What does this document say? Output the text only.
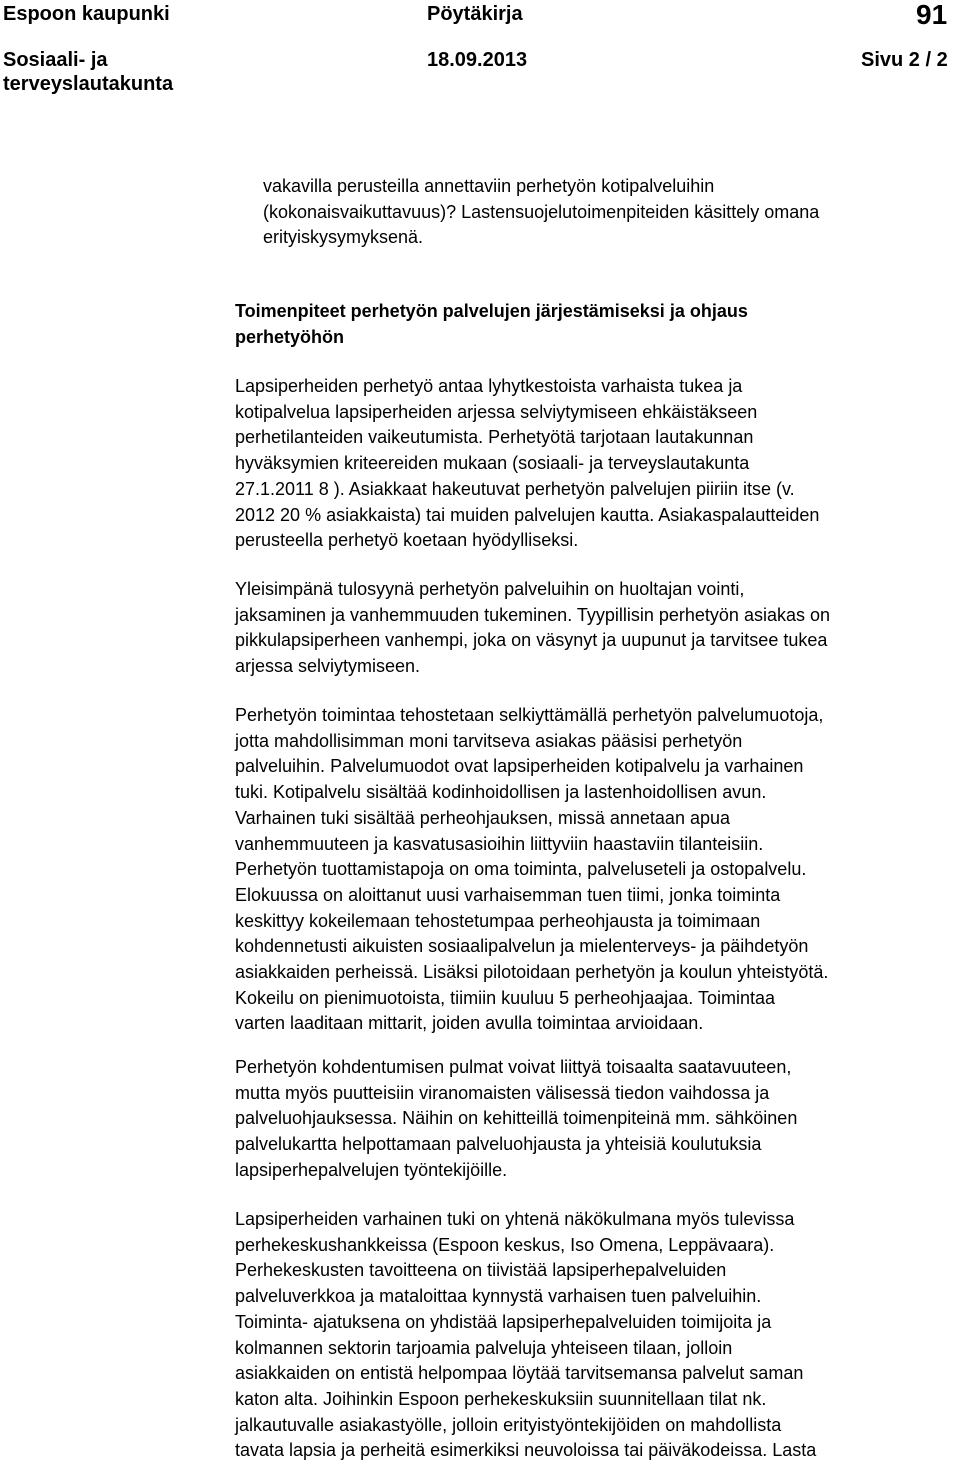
Espoon kaupunki	Pöytäkirja	91
Sosiaali- ja
terveyslautakunta
18.09.2013	Sivu 2 / 2
vakavilla perusteilla annettaviin perhetyön kotipalveluihin
(kokonaisvaikuttavuus)? Lastensuojelutoimenpiteiden käsittely omana
erityiskysymyksenä.
Toimenpiteet perhetyön palvelujen järjestämiseksi ja ohjaus
perhetyöhön
Lapsiperheiden perhetyö antaa lyhytkestoista varhaista tukea ja
kotipalvelua lapsiperheiden arjessa selviytymiseen ehkäistäkseen
perhetilanteiden vaikeutumista. Perhetyötä tarjotaan lautakunnan
hyväksymien kriteereiden mukaan (sosiaali- ja terveyslautakunta
27.1.2011 8 ). Asiakkaat hakeutuvat perhetyön palvelujen piiriin itse (v.
2012 20 % asiakkaista) tai muiden palvelujen kautta. Asiakaspalautteiden
perusteella perhetyö koetaan hyödylliseksi.
Yleisimpänä tulosyynä perhetyön palveluihin on huoltajan vointi,
jaksaminen ja vanhemmuuden tukeminen. Tyypillisin perhetyön asiakas on
pikkulapsiperheen vanhempi, joka on väsynyt ja uupunut ja tarvitsee tukea
arjessa selviytymiseen.
Perhetyön toimintaa tehostetaan selkiyttämällä perhetyön palvelumuotoja,
jotta mahdollisimman moni tarvitseva asiakas pääsisi perhetyön
palveluihin. Palvelumuodot ovat lapsiperheiden kotipalvelu ja varhainen
tuki. Kotipalvelu sisältää kodinhoidollisen ja lastenhoidollisen avun.
Varhainen tuki sisältää perheohjauksen, missä annetaan apua
vanhemmuuteen ja kasvatusasioihin liittyviin haastaviin tilanteisiin.
Perhetyön tuottamistapoja on oma toiminta, palveluseteli ja ostopalvelu.
Elokuussa on aloittanut uusi varhaisemman tuen tiimi, jonka toiminta
keskittyy kokeilemaan tehostetumpaa perheohjausta ja toimimaan
kohdennetusti aikuisten sosiaalipalvelun ja mielenterveys- ja päihdetyön
asiakkaiden perheissä. Lisäksi pilotoidaan perhetyön ja koulun yhteistyötä.
Kokeilu on pienimuotoista, tiimiin kuuluu 5 perheohjaajaa. Toimintaa
varten laaditaan mittarit, joiden avulla toimintaa arvioidaan.
Perhetyön kohdentumisen pulmat voivat liittyä toisaalta saatavuuteen,
mutta myös puutteisiin viranomaisten välisessä tiedon vaihdossa ja
palveluohjauksessa. Näihin on kehitteillä toimenpiteinä mm. sähköinen
palvelukartta helpottamaan palveluohjausta ja yhteisiä koulutuksia
lapsiperhepalvelujen työntekijöille.
Lapsiperheiden varhainen tuki on yhtenä näkökulmana myös tulevissa
perhekeskushankkeissa (Espoon keskus, Iso Omena, Leppävaara).
Perhekeskusten tavoitteena on tiivistää lapsiperhepalveluiden
palveluverkkoa ja mataloittaa kynnystä varhaisen tuen palveluihin.
Toiminta- ajatuksena on yhdistää lapsiperhepalveluiden toimijoita ja
kolmannen sektorin tarjoamia palveluja yhteiseen tilaan, jolloin
asiakkaiden on entistä helpompaa löytää tarvitsemansa palvelut saman
katon alta. Joihinkin Espoon perhekeskuksiin suunnitellaan tilat nk.
jalkautuvalle asiakastyölle, jolloin erityistyöntekijöiden on mahdollista
tavata lapsia ja perheitä esimerkiksi neuvoloissa tai päiväkodeissa. Lasta
